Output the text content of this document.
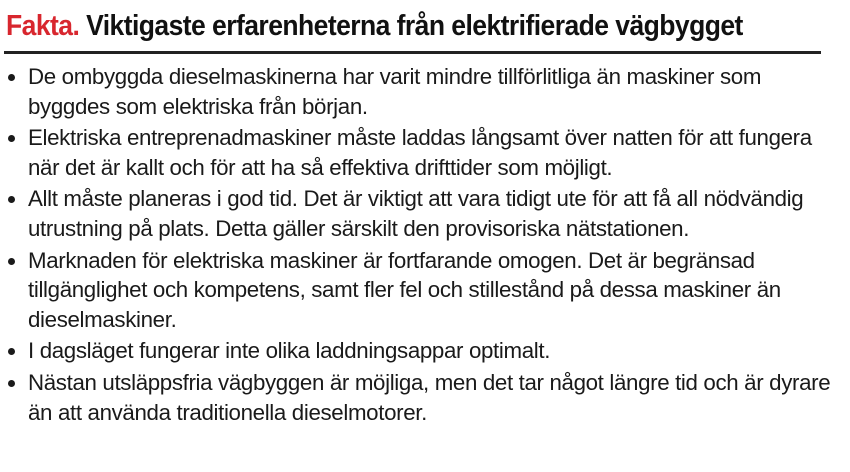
Fakta. Viktigaste erfarenheterna från elektrifierade vägbygget
De ombyggda dieselmaskinerna har varit mindre tillförlitliga än maskiner som byggdes som elektriska från början.
Elektriska entreprenadmaskiner måste laddas långsamt över natten för att fungera när det är kallt och för att ha så effektiva drifttider som möjligt.
Allt måste planeras i god tid. Det är viktigt att vara tidigt ute för att få all nödvändig utrustning på plats. Detta gäller särskilt den provisoriska nätstationen.
Marknaden för elektriska maskiner är fortfarande omogen. Det är begränsad tillgänglighet och kompetens, samt fler fel och stillestånd på dessa maskiner än dieselmaskiner.
I dagsläget fungerar inte olika laddningsappar optimalt.
Nästan utsläppsfria vägbyggen är möjliga, men det tar något längre tid och är dyrare än att använda traditionella dieselmotorer.
